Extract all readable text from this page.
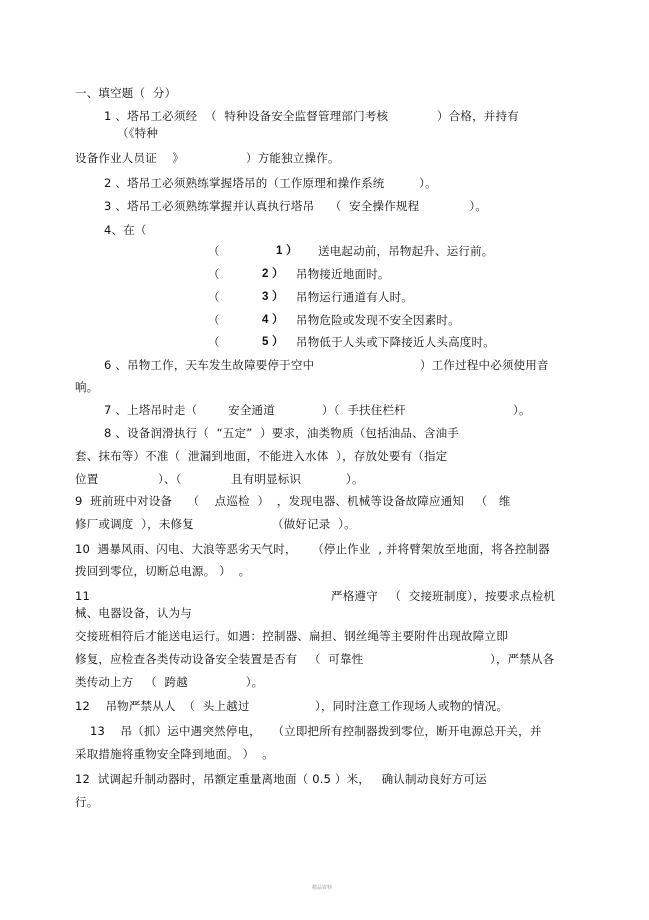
一、填空题（  分）
1 、塔吊工必须经  （  特种设备安全监督管理部门考核	）合格，并持有
（《特种
设备作业人员证    》	）方能独立操作。
2 、塔吊工必须熟练掌握塔吊的（工作原理和操作系统         ）。
3 、塔吊工必须熟练掌握并认真执行塔吊    （  安全操作规程             ）。
4、在（
（	1 ） 送电起动前，吊物起升、运行前。
（	2 ） 吊物接近地面时。
（	3 ） 吊物运行通道有人时。
（	4 ） 吊物危险或发现不安全因素时。
（	5 ） 吊物低于人头或下降接近人头高度时。
6 、吊物工作，天车发生故障要停于空中	）工作过程中必须使用音
响。
7 、上塔吊时走（        安全通道	）（  手扶住栏杆	）。
8 、设备润滑执行（  “五定”  ）要求，油类物质（包括油品、含油手
套、抹布等）不准（  泄漏到地面，不能进入水体  ），存放处要有（指定
位置	）、（	且有明显标识	）。
9  班前班中对设备    （    点巡检  ）  ，发现电器、机械等设备故障应通知   （   维
修厂或调度  ），未修复	（做好记录  ）。
10  遇暴风雨、闪电、大浪等恶劣天气时，    （停止作业  , 并将臂架放至地面，将各控制器
拨回到零位，切断总电源。 ）  。
11	严格遵守   （  交接班制度），按要求点检机
械、电器设备，认为与
交接班相符后才能送电运行。如遇：控制器、扁担、钢丝绳等主要附件出现故障立即
修复，应检查各类传动设备安全装置是否有   （  可靠性	），严禁从各
类传动上方   （  跨越               ）。
12    吊物严禁从人  （  头上越过	），同时注意工作现场人或物的情况。
13    吊（抓）运中遇突然停电，   （立即把所有控制器拨到零位，断开电源总开关，并
采取措施将重物安全降到地面。 ）  。
12  试调起升制动器时，吊额定重量离地面（ 0.5 ）米，   确认制动良好方可运
行。
精品资料
